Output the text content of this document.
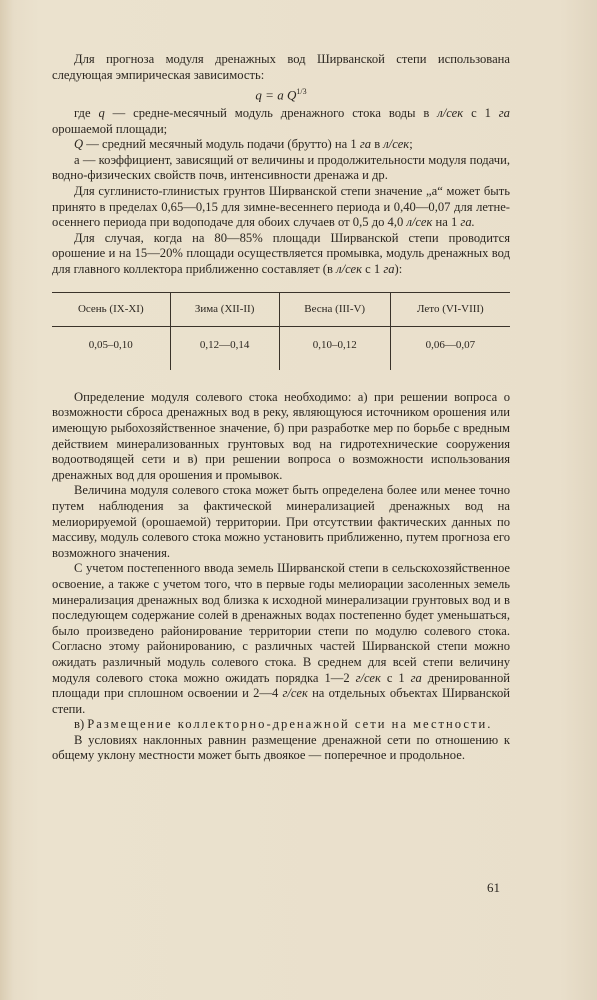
Для прогноза модуля дренажных вод Ширванской степи использована следующая эмпирическая зависимость:

q = a $Q^{1/3}$

где q — средне-месячный модуль дренажного стока воды в л/сек с 1 га орошаемой площади;

Q — средний месячный модуль подачи (брутто) на 1 га в л/сек;

а — коэффициент, зависящий от величины и продолжительности модуля подачи, водно-физических свойств почв, интенсивности дренажа и др.

Для суглинисто-глинистых грунтов Ширванской степи значение „а“ может быть принято в пределах 0,65—0,15 для зимне-весеннего периода и 0,40—0,07 для летне-осеннего периода при водоподаче для обоих случаев от 0,5 до 4,0 л/сек на 1 га.

Для случая, когда на 80—85% площади Ширванской степи проводится орошение и на 15—20% площади осуществляется промывка, модуль дренажных вод для главного коллектора приближенно составляет (в л/сек с 1 га):

Осень (IX-XI)	Зима (XII-II)	Весна (III-V)	Лето (VI-VIII)
0,05–0,10	0,12—0,14	0,10–0,12	0,06—0,07

Определение модуля солевого стока необходимо: а) при решении вопроса о возможности сброса дренажных вод в реку, являющуюся источником орошения или имеющую рыбохозяйственное значение, б) при разработке мер по борьбе с вредным действием минерализованных грунтовых вод на гидротехнические сооружения водоотводящей сети и в) при решении вопроса о возможности использования дренажных вод для орошения и промывок.

Величина модуля солевого стока может быть определена более или менее точно путем наблюдения за фактической минерализацией дренажных вод на мелиорируемой (орошаемой) территории. При отсутствии фактических данных по массиву, модуль солевого стока можно установить приближенно, путем прогноза его возможного значения.

С учетом постепенного ввода земель Ширванской степи в сельскохозяйственное освоение, а также с учетом того, что в первые годы мелиорации засоленных земель минерализация дренажных вод близка к исходной минерализации грунтовых вод и в последующем содержание солей в дренажных водах постепенно будет уменьшаться, было произведено районирование территории степи по модулю солевого стока. Согласно этому районированию, с различных частей Ширванской степи можно ожидать различный модуль солевого стока. В среднем для всей степи величину модуля солевого стока можно ожидать порядка 1—2 г/сек с 1 га дренированной площади при сплошном освоении и 2—4 г/сек на отдельных объектах Ширванской степи.

в) Размещение коллекторно-дренажной сети на местности.

В условиях наклонных равнин размещение дренажной сети по отношению к общему уклону местности может быть двоякое — поперечное и продольное.

61
